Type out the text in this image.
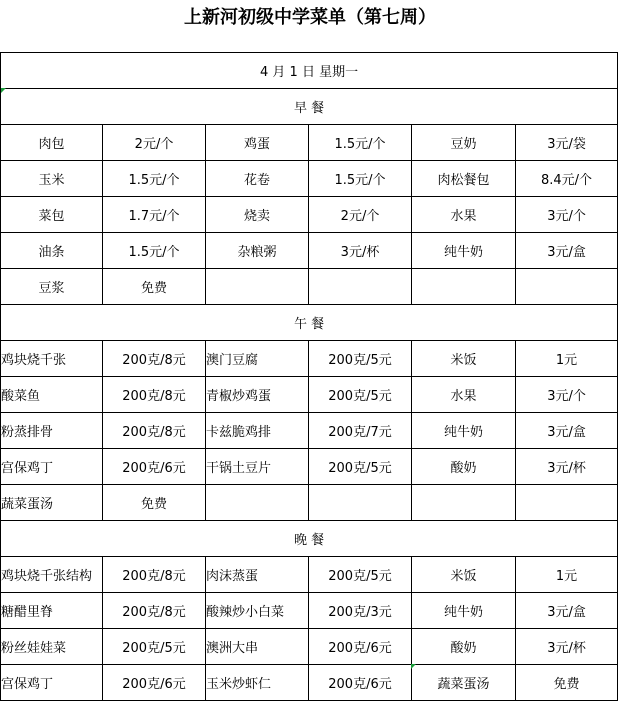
上新河初级中学菜单（第七周）
4 月 1 日 星期一					
早 餐					
肉包	2元/个	鸡蛋	1.5元/个	豆奶	3元/袋
玉米	1.5元/个	花卷	1.5元/个	肉松餐包	8.4元/个
菜包	1.7元/个	烧卖	2元/个	水果	3元/个
油条	1.5元/个	杂粮粥	3元/杯	纯牛奶	3元/盒
豆浆	免费				
午 餐					
鸡块烧千张	200克/8元	澳门豆腐	200克/5元	米饭	1元
酸菜鱼	200克/8元	青椒炒鸡蛋	200克/5元	水果	3元/个
粉蒸排骨	200克/8元	卡兹脆鸡排	200克/7元	纯牛奶	3元/盒
宫保鸡丁	200克/6元	干锅土豆片	200克/5元	酸奶	3元/杯
蔬菜蛋汤	免费				
晚 餐					
鸡块烧千张结构	200克/8元	肉沫蒸蛋	200克/5元	米饭	1元
糖醋里脊	200克/8元	酸辣炒小白菜	200克/3元	纯牛奶	3元/盒
粉丝娃娃菜	200克/5元	澳洲大串	200克/6元	酸奶	3元/杯
宫保鸡丁	200克/6元	玉米炒虾仁	200克/6元	蔬菜蛋汤	免费
